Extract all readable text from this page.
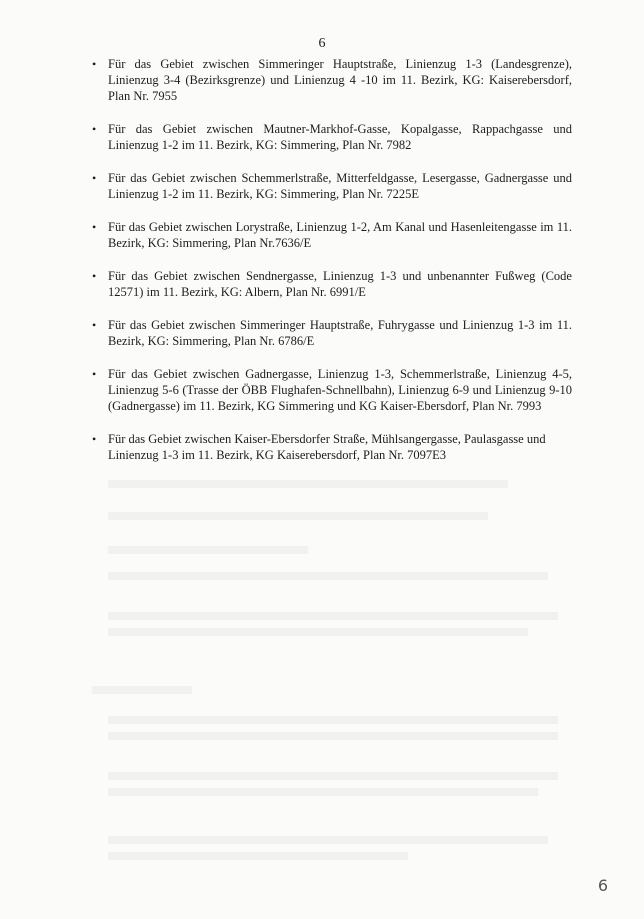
6
• Für das Gebiet zwischen Simmeringer Hauptstraße, Linienzug 1-3 (Landesgrenze), Linienzug 3-4 (Bezirksgrenze) und Linienzug 4 -10 im 11. Bezirk, KG: Kaiserebersdorf, Plan Nr. 7955
• Für das Gebiet zwischen Mautner-Markhof-Gasse, Kopalgasse, Rappachgasse und Linienzug 1-2 im 11. Bezirk, KG: Simmering, Plan Nr. 7982
• Für das Gebiet zwischen Schemmerlstraße, Mitterfeldgasse, Lesergasse, Gadnergasse und Linienzug 1-2 im 11. Bezirk, KG: Simmering, Plan Nr. 7225E
• Für das Gebiet zwischen Lorystraße, Linienzug 1-2, Am Kanal und Hasenleitengasse im 11. Bezirk, KG: Simmering, Plan Nr.7636/E
• Für das Gebiet zwischen Sendnergasse, Linienzug 1-3 und unbenannter Fußweg (Code 12571) im 11. Bezirk, KG: Albern, Plan Nr. 6991/E
• Für das Gebiet zwischen Simmeringer Hauptstraße, Fuhrygasse und Linienzug 1-3 im 11. Bezirk, KG: Simmering, Plan Nr. 6786/E
• Für das Gebiet zwischen Gadnergasse, Linienzug 1-3, Schemmerlstraße, Linienzug 4-5, Linienzug 5-6 (Trasse der ÖBB Flughafen-Schnellbahn), Linienzug 6-9 und Linienzug 9-10 (Gadnergasse) im 11. Bezirk, KG Simmering und KG Kaiser-Ebersdorf, Plan Nr. 7993
• Für das Gebiet zwischen Kaiser-Ebersdorfer Straße, Mühlsangergasse, Paulasgasse und Linienzug 1-3 im 11. Bezirk, KG Kaiserebersdorf, Plan Nr. 7097E3
6
